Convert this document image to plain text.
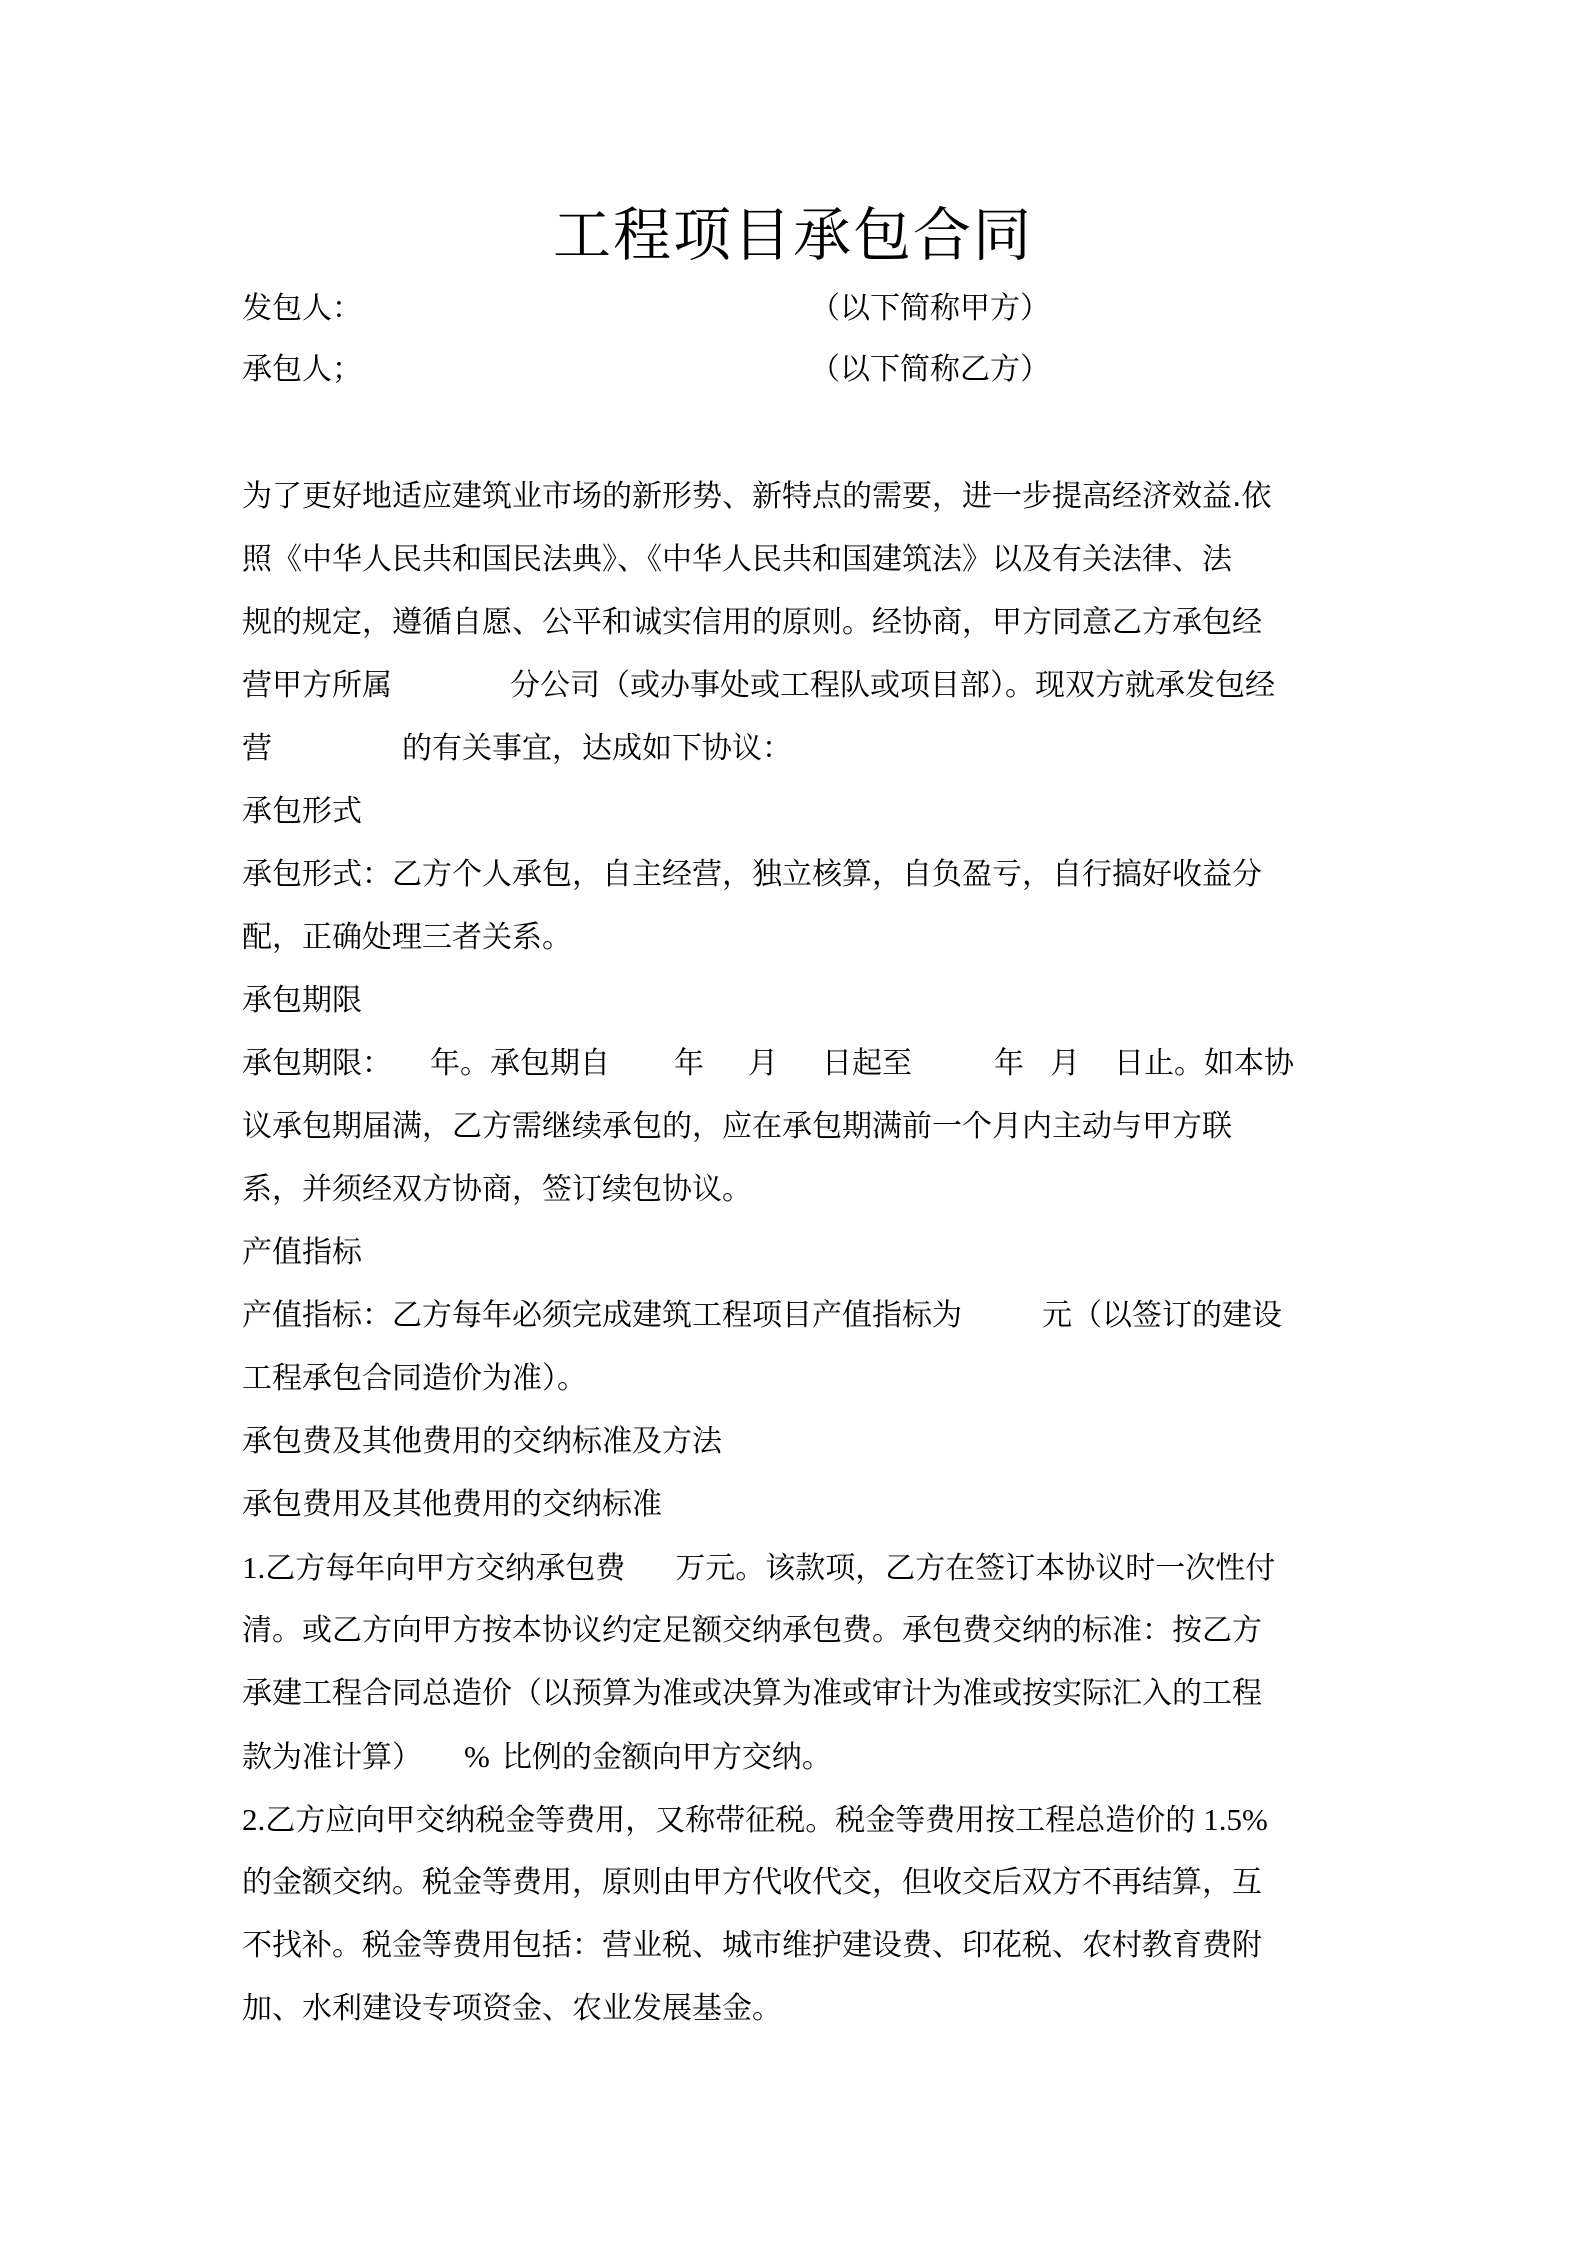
工程项目承包合同
发包人：	（以下简称甲方）
承包人；	（以下简称乙方）
为了更好地适应建筑业市场的新形势、新特点的需要，进一步提高经济效益.依
照《中华人民共和国民法典》、《中华人民共和国建筑法》以及有关法律、法
规的规定，遵循自愿、公平和诚实信用的原则。经协商，甲方同意乙方承包经
营甲方所属	分公司（或办事处或工程队或项目部）。现双方就承发包经
营	的有关事宜，达成如下协议：
承包形式
承包形式：乙方个人承包，自主经营，独立核算，自负盈亏，自行搞好收益分
配，正确处理三者关系。
承包期限
承包期限： 年。承包期自 年 月 日起至	年 月 日止。如本协
议承包期届满，乙方需继续承包的，应在承包期满前一个月内主动与甲方联
系，并须经双方协商，签订续包协议。
产值指标
产值指标：乙方每年必须完成建筑工程项目产值指标为	元（以签订的建设
工程承包合同造价为准）。
承包费及其他费用的交纳标准及方法
承包费用及其他费用的交纳标准
1.乙方每年向甲方交纳承包费 万元。该款项，乙方在签订本协议时一次性付
清。或乙方向甲方按本协议约定足额交纳承包费。承包费交纳的标准：按乙方
承建工程合同总造价（以预算为准或决算为准或审计为准或按实际汇入的工程
款为准计算） % 比例的金额向甲方交纳。
2.乙方应向甲交纳税金等费用，又称带征税。税金等费用按工程总造价的 1.5%
的金额交纳。税金等费用，原则由甲方代收代交，但收交后双方不再结算，互
不找补。税金等费用包括：营业税、城市维护建设费、印花税、农村教育费附
加、水利建设专项资金、农业发展基金。
